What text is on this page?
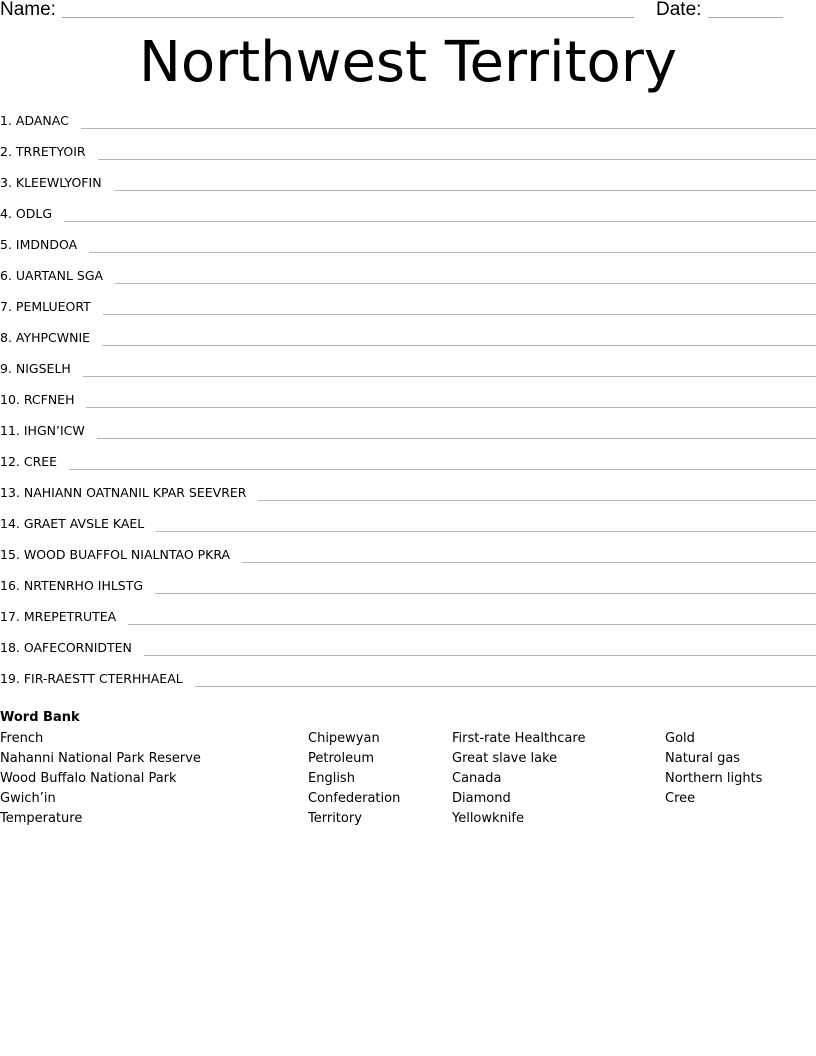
Name:	Date:
Northwest Territory
1. ADANAC
2. TRRETYOIR
3. KLEEWLYOFIN
4. ODLG
5. IMDNDOA
6. UARTANL SGA
7. PEMLUEORT
8. AYHPCWNIE
9. NIGSELH
10. RCFNEH
11. IHGN’ICW
12. CREE
13. NAHIANN OATNANIL KPAR SEEVRER
14. GRAET AVSLE KAEL
15. WOOD BUAFFOL NIALNTAO PKRA
16. NRTENRHO IHLSTG
17. MREPETRUTEA
18. OAFECORNIDTEN
19. FIR-RAESTT CTERHHAEAL
Word Bank
French
Nahanni National Park Reserve
Wood Buffalo National Park
Gwich’in
Temperature
Chipewyan
Petroleum
English
Confederation
Territory
First-rate Healthcare
Great slave lake
Canada
Diamond
Yellowknife
Gold
Natural gas
Northern lights
Cree
